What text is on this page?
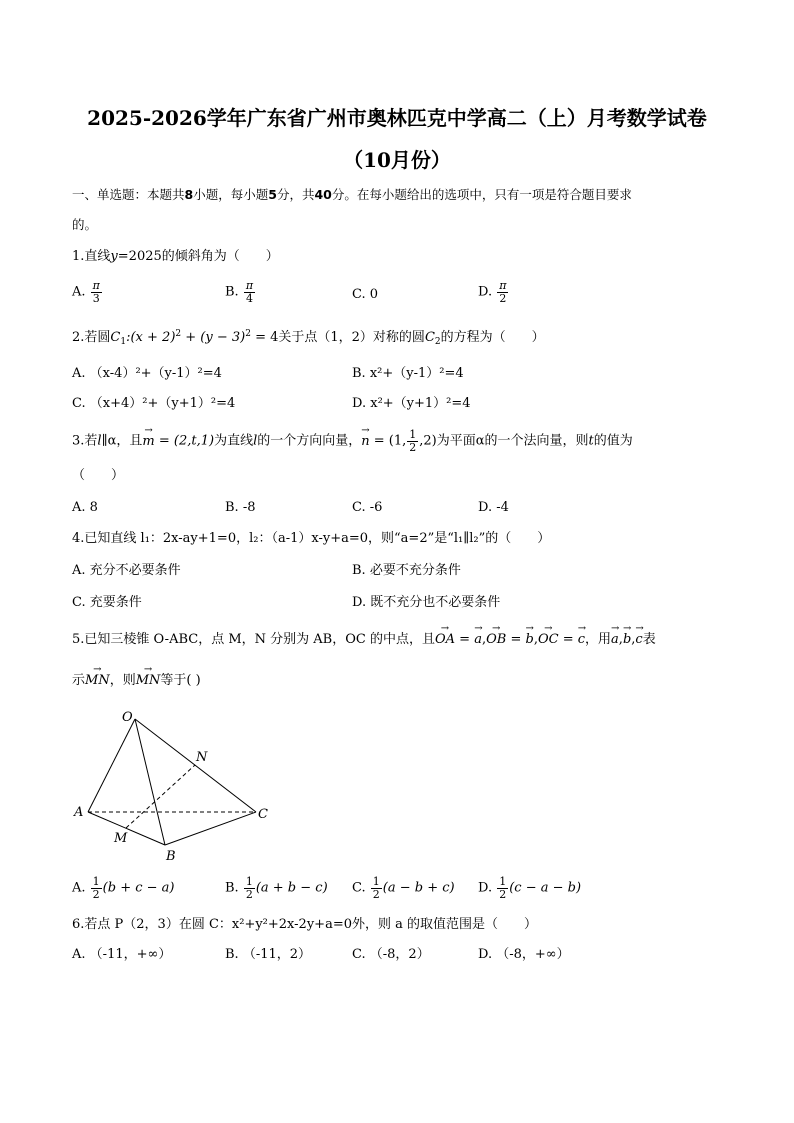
2025-2026学年广东省广州市奥林匹克中学高二（上）月考数学试卷
（10月份）
一、单选题：本题共8小题，每小题5分，共40分。在每小题给出的选项中，只有一项是符合题目要求
的。
1.直线y=2025的倾斜角为（　　）
A. $\frac{\pi}{3}$	B. $\frac{\pi}{4}$	C. 0	D. $\frac{\pi}{2}$
2.若圆$C_1:(x + 2)^2 + (y - 3)^2 = 4$关于点（1，2）对称的圆$C_2$的方程为（　　）
A. （x-4）²+（y-1）²=4	B. x²+（y-1）²=4
C. （x+4）²+（y+1）²=4	D. x²+（y+1）²=4
3.若l∥α，且→ m = (2,t,1)为直线l的一个方向向量，→ n = (1, $\frac{1}{2} ,2$)为平面α的一个法向量，则t的值为
（　　）
A. 8	B. -8	C. -6	D. -4
4.已知直线 l₁：2x-ay+1=0，l₂：（a-1）x-y+a=0，则“a=2”是“l₁∥l₂”的（　　）
A. 充分不必要条件	B. 必要不充分条件
C. 充要条件	D. 既不充分也不必要条件
5.已知三棱锥 O-ABC，点 M，N 分别为 AB，OC 的中点，且→ OA = → a,→ OB = → b,→ OC = → c，用→ a,→ b,→ c表
示→ MN，则→ MN等于( )
O
A
B
C
M
N
A. $\frac{1}{2} (b + c - a)$	B. $\frac{1}{2} (a + b - c)$ C. $\frac{1}{2} (a - b + c)$ D. $\frac{1}{2} (c - a - b)$
6.若点 P（2，3）在圆 C：x²+y²+2x-2y+a=0外，则 a 的取值范围是（　　）
A. （-11，+∞）	B. （-11，2）	C. （-8，2）	D. （-8，+∞）
